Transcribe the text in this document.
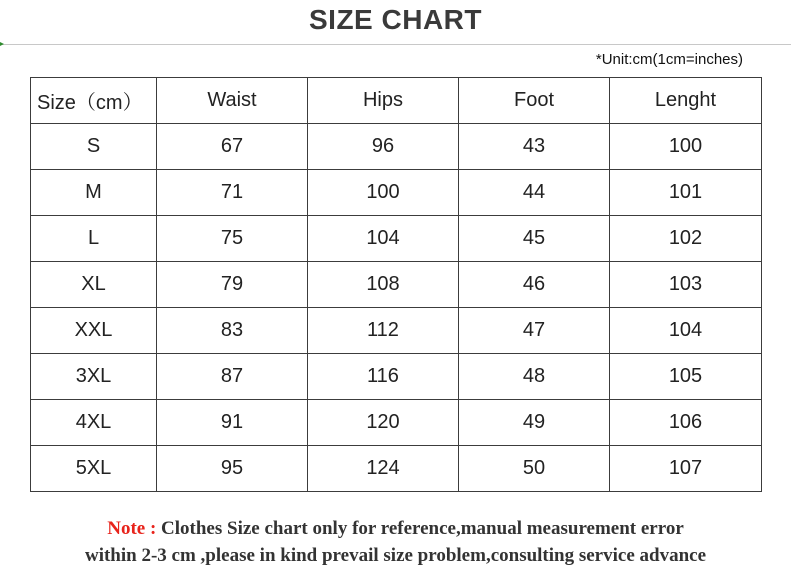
SIZE CHART
*Unit:cm(1cm=inches)
Size（cm）	Waist	Hips	Foot	Lenght
S	67	96	43	100
M	71	100	44	101
L	75	104	45	102
XL	79	108	46	103
XXL	83	112	47	104
3XL	87	116	48	105
4XL	91	120	49	106
5XL	95	124	50	107
Note : Clothes Size chart only for reference,manual measurement error
within 2-3 cm ,please in kind prevail size problem,consulting service advance
